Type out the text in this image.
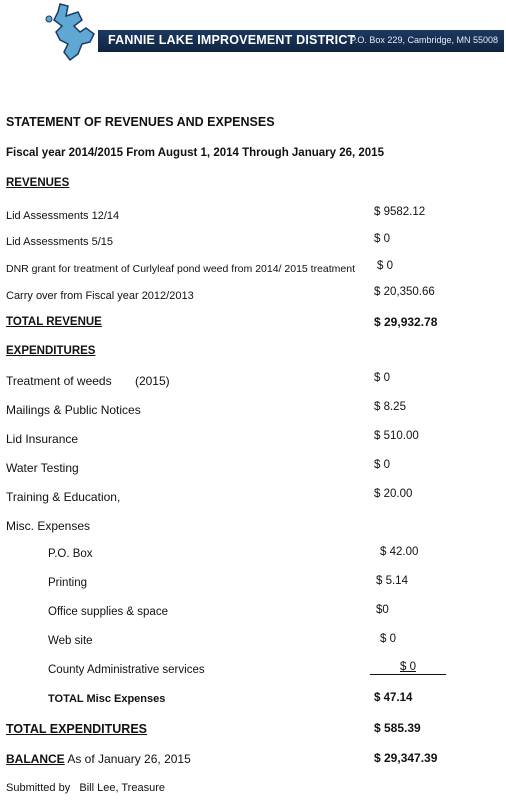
FANNIE LAKE IMPROVEMENT DISTRICT
P.O. Box 229, Cambridge, MN 55008
STATEMENT OF REVENUES AND EXPENSES
Fiscal year 2014/2015 From August 1, 2014 Through January 26, 2015
REVENUES
Lid Assessments 12/14	$ 9582.12
Lid Assessments 5/15	$ 0
DNR grant for treatment of Curlyleaf pond weed from 2014/ 2015 treatment $ 0
Carry over from Fiscal year 2012/2013	$ 20,350.66
TOTAL REVENUE	$ 29,932.78
EXPENDITURES
Treatment of weeds       (2015)	$ 0
Mailings & Public Notices	$ 8.25
Lid Insurance	$ 510.00
Water Testing	$ 0
Training & Education,	$ 20.00
Misc. Expenses
P.O. Box	$ 42.00
Printing	$ 5.14
Office supplies & space	$0
Web site	$ 0
County Administrative services	$ 0
TOTAL Misc Expenses	$ 47.14
TOTAL EXPENDITURES	$ 585.39
BALANCE As of January 26, 2015	$ 29,347.39
Submitted by   Bill Lee, Treasure
